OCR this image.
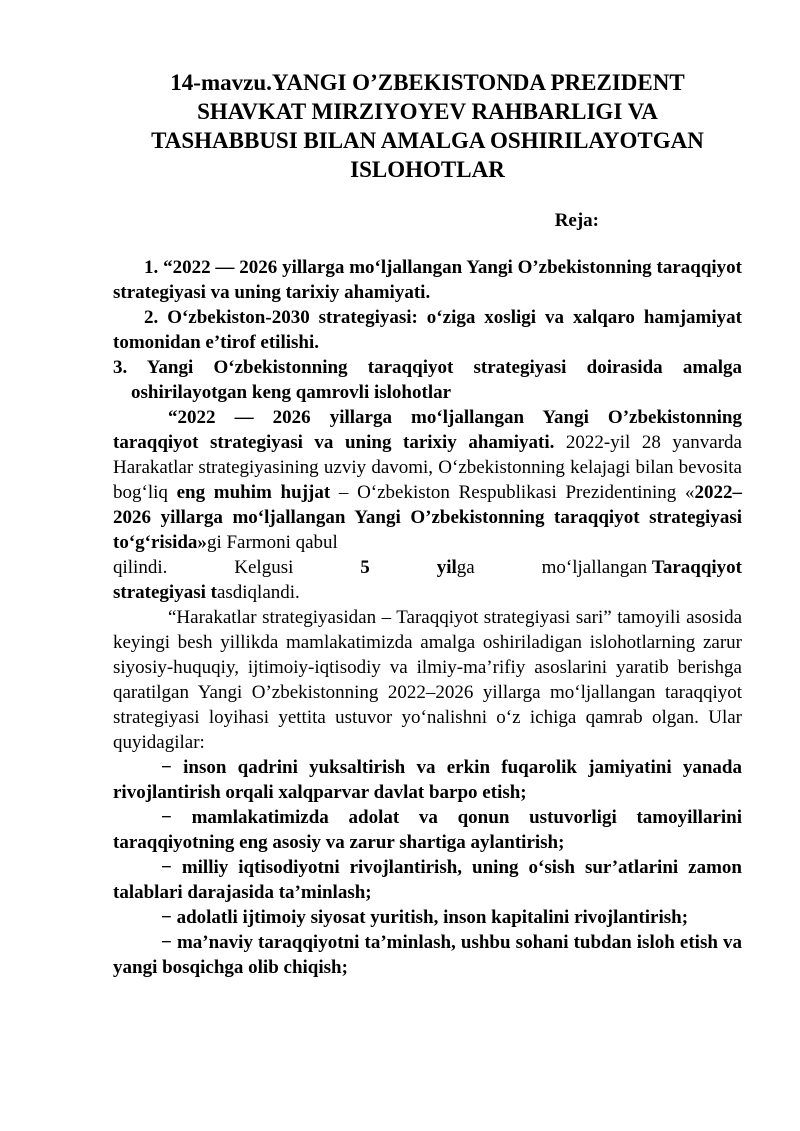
14-mavzu.YANGI O’ZBEKISTONDA PREZIDENT
SHAVKAT MIRZIYOYEV RAHBARLIGI VA
TASHABBUSI BILAN AMALGA OSHIRILAYOTGAN
ISLOHOTLAR
Reja:
1. “2022 — 2026 yillarga mo‘ljallangan Yangi O’zbekistonning taraqqiyot strategiyasi va uning tarixiy ahamiyati.
2. O‘zbekiston-2030 strategiyasi: o‘ziga xosligi va xalqaro hamjamiyat tomonidan e’tirof etilishi.
3. Yangi O‘zbekistonning taraqqiyot strategiyasi doirasida amalga oshirilayotgan keng qamrovli islohotlar
“2022 — 2026 yillarga mo‘ljallangan Yangi O’zbekistonning taraqqiyot strategiyasi va uning tarixiy ahamiyati. 2022-yil 28 yanvarda Harakatlar strategiyasining uzviy davomi, O‘zbekistonning kelajagi bilan bevosita bog‘liq eng muhim hujjat – O‘zbekiston Respublikasi Prezidentining «2022–2026 yillarga mo‘ljallangan Yangi O’zbekistonning taraqqiyot strategiyasi to‘g‘risida»gi Farmoni qabul
qilindi.	Kelgusi	5	yilga	mo‘ljallangan Taraqqiyot
strategiyasi tasdiqlandi.
“Harakatlar strategiyasidan – Taraqqiyot strategiyasi sari” tamoyili asosida keyingi besh yillikda mamlakatimizda amalga oshiriladigan islohotlarning zarur siyosiy-huquqiy, ijtimoiy-iqtisodiy va ilmiy-ma’rifiy asoslarini yaratib berishga qaratilgan Yangi O’zbekistonning 2022–2026 yillarga mo‘ljallangan taraqqiyot strategiyasi loyihasi yettita ustuvor yo‘nalishni o‘z ichiga qamrab olgan. Ular quyidagilar:
− inson qadrini yuksaltirish va erkin fuqarolik jamiyatini yanada rivojlantirish orqali xalqparvar davlat barpo etish;
− mamlakatimizda adolat va qonun ustuvorligi tamoyillarini taraqqiyotning eng asosiy va zarur shartiga aylantirish;
− milliy iqtisodiyotni rivojlantirish, uning o‘sish sur’atlarini zamon talablari darajasida ta’minlash;
− adolatli ijtimoiy siyosat yuritish, inson kapitalini rivojlantirish;
− ma’naviy taraqqiyotni ta’minlash, ushbu sohani tubdan isloh etish va yangi bosqichga olib chiqish;
